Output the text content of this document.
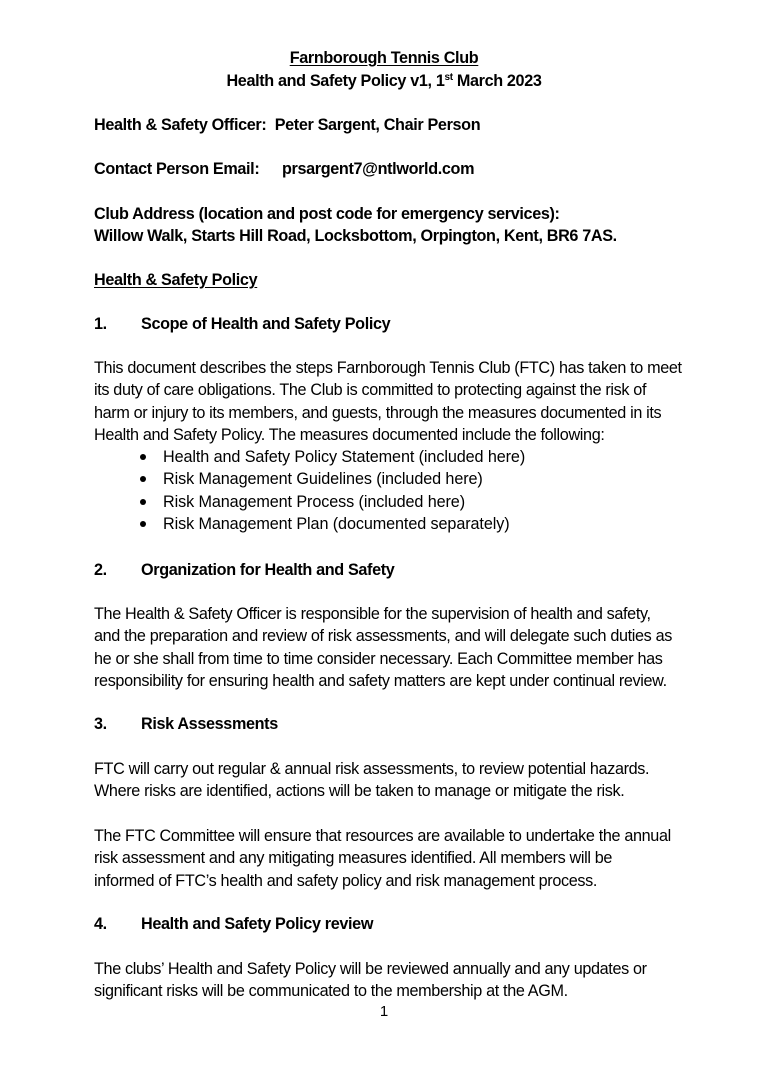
Farnborough Tennis Club
Health and Safety Policy v1, 1st March 2023
Health & Safety Officer: Peter Sargent, Chair Person
Contact Person Email: prsargent7@ntlworld.com
Club Address (location and post code for emergency services):
Willow Walk, Starts Hill Road, Locksbottom, Orpington, Kent, BR6 7AS.
Health & Safety Policy
1. Scope of Health and Safety Policy
This document describes the steps Farnborough Tennis Club (FTC) has taken to meet
its duty of care obligations. The Club is committed to protecting against the risk of
harm or injury to its members, and guests, through the measures documented in its
Health and Safety Policy. The measures documented include the following:
Health and Safety Policy Statement (included here)
Risk Management Guidelines (included here)
Risk Management Process (included here)
Risk Management Plan (documented separately)
2. Organization for Health and Safety
The Health & Safety Officer is responsible for the supervision of health and safety,
and the preparation and review of risk assessments, and will delegate such duties as
he or she shall from time to time consider necessary. Each Committee member has
responsibility for ensuring health and safety matters are kept under continual review.
3. Risk Assessments
FTC will carry out regular & annual risk assessments, to review potential hazards.
Where risks are identified, actions will be taken to manage or mitigate the risk.
The FTC Committee will ensure that resources are available to undertake the annual
risk assessment and any mitigating measures identified. All members will be
informed of FTC’s health and safety policy and risk management process.
4. Health and Safety Policy review
The clubs’ Health and Safety Policy will be reviewed annually and any updates or
significant risks will be communicated to the membership at the AGM.
1
